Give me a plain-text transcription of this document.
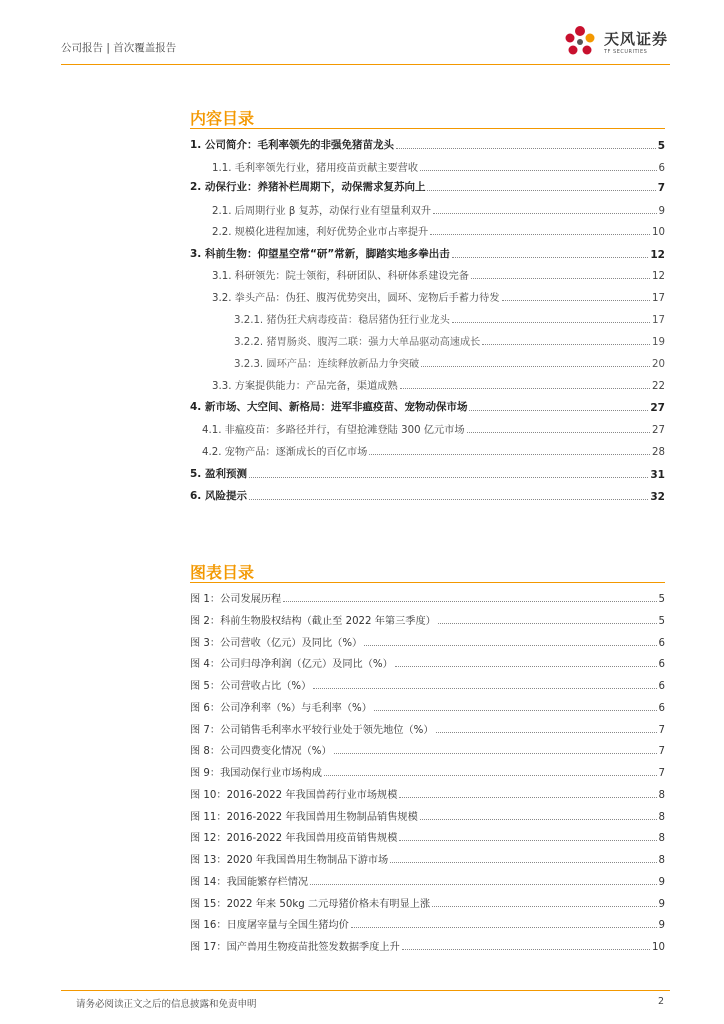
公司报告 | 首次覆盖报告	天风证券
TF SECURITIES
内容目录
1. 公司简介：毛利率领先的非强免猪苗龙头	5
1.1. 毛利率领先行业，猪用疫苗贡献主要营收	6
2. 动保行业：养猪补栏周期下，动保需求复苏向上	7
2.1. 后周期行业 β 复苏，动保行业有望量利双升	9
2.2. 规模化进程加速，利好优势企业市占率提升	10
3. 科前生物：仰望星空常“研”常新，脚踏实地多拳出击	12
3.1. 科研领先：院士领衔，科研团队、科研体系建设完备	12
3.2. 拳头产品：伪狂、腹泻优势突出，圆环、宠物后手蓄力待发	17
3.2.1. 猪伪狂犬病毒疫苗：稳居猪伪狂行业龙头	17
3.2.2. 猪胃肠炎、腹泻二联：强力大单品驱动高速成长	19
3.2.3. 圆环产品：连续释放新品力争突破	20
3.3. 方案提供能力：产品完备，渠道成熟	22
4. 新市场、大空间、新格局：进军非瘟疫苗、宠物动保市场	27
4.1. 非瘟疫苗：多路径并行，有望抢滩登陆 300 亿元市场	27
4.2. 宠物产品：逐渐成长的百亿市场	28
5. 盈利预测	31
6. 风险提示	32
图表目录
图 1：公司发展历程	5
图 2：科前生物股权结构（截止至 2022 年第三季度）	5
图 3：公司营收（亿元）及同比（%）	6
图 4：公司归母净利润（亿元）及同比（%）	6
图 5：公司营收占比（%）	6
图 6：公司净利率（%）与毛利率（%）	6
图 7：公司销售毛利率水平较行业处于领先地位（%）	7
图 8：公司四费变化情况（%）	7
图 9：我国动保行业市场构成	7
图 10：2016-2022 年我国兽药行业市场规模	8
图 11：2016-2022 年我国兽用生物制品销售规模	8
图 12：2016-2022 年我国兽用疫苗销售规模	8
图 13：2020 年我国兽用生物制品下游市场	8
图 14：我国能繁存栏情况	9
图 15：2022 年来 50kg 二元母猪价格未有明显上涨	9
图 16：日度屠宰量与全国生猪均价	9
图 17：国产兽用生物疫苗批签发数据季度上升	10
请务必阅读正文之后的信息披露和免责申明	2
